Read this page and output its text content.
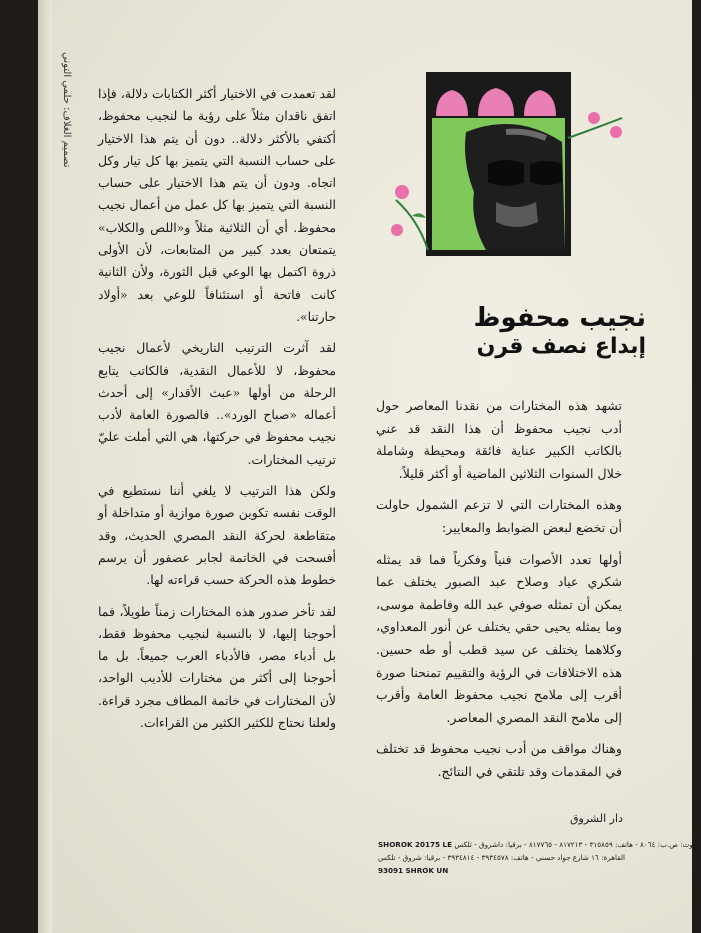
تصميم الغلاف: حلمي التوني لقد تعمدت في الاختيار أكثر الكتابات دلالة، فإذا اتفق ناقدان مثلاً على رؤية ما لنجيب محفوظ، أكتفي بالأكثر دلالة.. دون أن يتم هذا الاختيار على حساب النسبة التي يتميز بها كل تيار وكل اتجاه. ودون أن يتم هذا الاختيار على حساب النسبة التي يتميز بها كل عمل من أعمال نجيب محفوظ. أي أن الثلاثية مثلاً و«اللص والكلاب» يتمتعان بعدد كبير من المتابعات، لأن الأولى ذروة اكتمل بها الوعي قبل الثورة، ولأن الثانية كانت فاتحة أو استئنافاً للوعي بعد «أولاد حارتنا».

لقد آثرت الترتيب التاريخي لأعمال نجيب محفوظ، لا للأعمال النقدية، فالكاتب يتابع الرحلة من أولها «عبث الأقدار» إلى أحدث أعماله «صباح الورد».. فالصورة العامة لأدب نجيب محفوظ في حركتها، هي التي أملت عليّ ترتيب المختارات.

ولكن هذا الترتيب لا يلغي أننا نستطيع في الوقت نفسه تكوين صورة موازية أو متداخلة أو متقاطعة لحركة النقد المصري الحديث، وقد أفسحت في الخاتمة لجابر عصفور أن يرسم خطوط هذه الحركة حسب قراءته لها.

لقد تأخر صدور هذه المختارات زمناً طويلاً، فما أحوجنا إليها، لا بالنسبة لنجيب محفوظ فقط، بل أدباء مصر، فالأدباء العرب جميعاً. بل ما أحوجنا إلى أكثر من مختارات للأديب الواحد، لأن المختارات في خاتمة المطاف مجرد قراءة. ولعلنا نحتاج للكثير الكثير من القراءات.

نجيب محفوظ
إبداع نصف قرن

تشهد هذه المختارات من نقدنا المعاصر حول أدب نجيب محفوظ أن هذا النقد قد عني بالكاتب الكبير عناية فائقة ومحيطة وشاملة خلال السنوات الثلاثين الماضية أو أكثر قليلاً.

وهذه المختارات التي لا تزعم الشمول حاولت أن تخضع لبعض الضوابط والمعايير:

أولها تعدد الأصوات فنياً وفكرياً فما قد يمثله شكري عياد وصلاح عبد الصبور يختلف عما يمكن أن تمثله صوفي عبد الله وفاطمة موسى، وما يمثله يحيى حقي يختلف عن أنور المعداوي، وكلاهما يختلف عن سيد قطب أو طه حسين. هذه الاختلافات في الرؤية والتقييم تمنحنا صورة أقرب إلى ملامح نجيب محفوظ العامة وأقرب إلى ملامح النقد المصري المعاصر.

وهناك مواقف من أدب نجيب محفوظ قد تختلف في المقدمات وقد تلتقي في النتائج.

دار الشروق
SHOROK 20175 LE بيروت: ص.ب: ٨٠٦٤ - هاتف: ٣١٥٨٥٩ - ٨١٧٢١٣ - ٨١٧٧٦٥ - برقيا: داشروق - تلكس
القاهرة: ١٦ شارع جواد حسني - هاتف: ٣٩٣٤٥٧٨ - ٣٩٣٤٨١٤ - برقيا: شروق - تلكس
93091 SHROK UN
